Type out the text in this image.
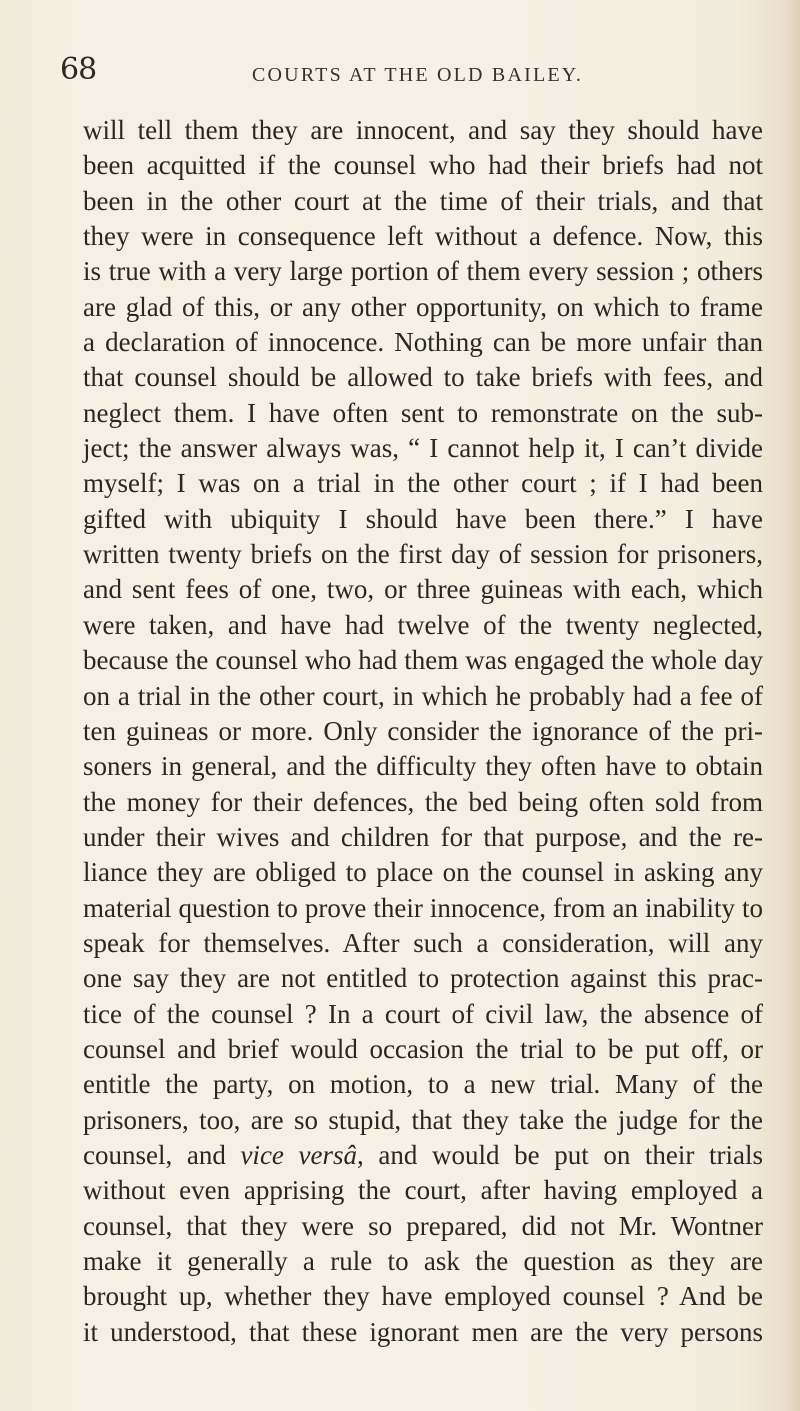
68	COURTS AT THE OLD BAILEY.
will tell them they are innocent, and say they should have
been acquitted if the counsel who had their briefs had not
been in the other court at the time of their trials, and that
they were in consequence left without a defence. Now, this
is true with a very large portion of them every session ; others
are glad of this, or any other opportunity, on which to frame
a declaration of innocence. Nothing can be more unfair than
that counsel should be allowed to take briefs with fees, and
neglect them. I have often sent to remonstrate on the sub-
ject; the answer always was, “ I cannot help it, I can’t divide
myself; I was on a trial in the other court ; if I had been
gifted with ubiquity I should have been there.” I have
written twenty briefs on the first day of session for prisoners,
and sent fees of one, two, or three guineas with each, which
were taken, and have had twelve of the twenty neglected,
because the counsel who had them was engaged the whole day
on a trial in the other court, in which he probably had a fee of
ten guineas or more. Only consider the ignorance of the pri-
soners in general, and the difficulty they often have to obtain
the money for their defences, the bed being often sold from
under their wives and children for that purpose, and the re-
liance they are obliged to place on the counsel in asking any
material question to prove their innocence, from an inability to
speak for themselves. After such a consideration, will any
one say they are not entitled to protection against this prac-
tice of the counsel ? In a court of civil law, the absence of
counsel and brief would occasion the trial to be put off, or
entitle the party, on motion, to a new trial. Many of the
prisoners, too, are so stupid, that they take the judge for the
counsel, and vice versâ, and would be put on their trials
without even apprising the court, after having employed a
counsel, that they were so prepared, did not Mr. Wontner
make it generally a rule to ask the question as they are
brought up, whether they have employed counsel ? And be
it understood, that these ignorant men are the very persons
